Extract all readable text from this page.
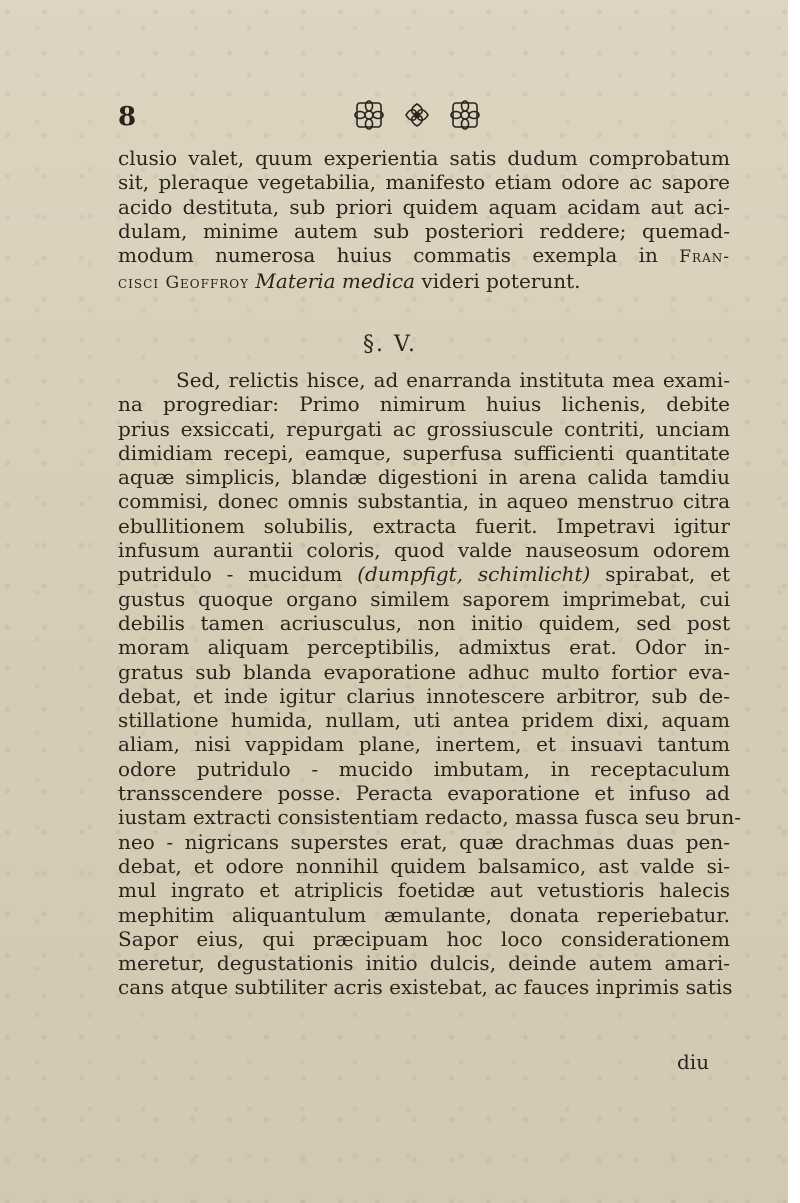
8
clusio valet, quum experientia satis dudum comprobatum
sit, pleraque vegetabilia, manifesto etiam odore ac sapore
acido destituta, sub priori quidem aquam acidam aut aci-
dulam, minime autem sub posteriori reddere; quemad-
modum numerosa huius commatis exempla in Fran-
cisci Geoffroy Materia medica videri poterunt.
§. V.
Sed, relictis hisce, ad enarranda instituta mea exami-
na progrediar: Primo nimirum huius lichenis, debite
prius exsiccati, repurgati ac grossiuscule contriti, unciam
dimidiam recepi, eamque, superfusa sufficienti quantitate
aquæ simplicis, blandæ digestioni in arena calida tamdiu
commisi, donec omnis substantia, in aqueo menstruo citra
ebullitionem solubilis, extracta fuerit. Impetravi igitur
infusum aurantii coloris, quod valde nauseosum odorem
putridulo - mucidum (dumpfigt, schimlicht) spirabat, et
gustus quoque organo similem saporem imprimebat, cui
debilis tamen acriusculus, non initio quidem, sed post
moram aliquam perceptibilis, admixtus erat. Odor in-
gratus sub blanda evaporatione adhuc multo fortior eva-
debat, et inde igitur clarius innotescere arbitror, sub de-
stillatione humida, nullam, uti antea pridem dixi, aquam
aliam, nisi vappidam plane, inertem, et insuavi tantum
odore putridulo - mucido imbutam, in receptaculum
transscendere posse. Peracta evaporatione et infuso ad
iustam extracti consistentiam redacto, massa fusca seu brun-
neo - nigricans superstes erat, quæ drachmas duas pen-
debat, et odore nonnihil quidem balsamico, ast valde si-
mul ingrato et atriplicis foetidæ aut vetustioris halecis
mephitim aliquantulum æmulante, donata reperiebatur.
Sapor eius, qui præcipuam hoc loco considerationem
meretur, degustationis initio dulcis, deinde autem amari-
cans atque subtiliter acris existebat, ac fauces inprimis satis
diu
